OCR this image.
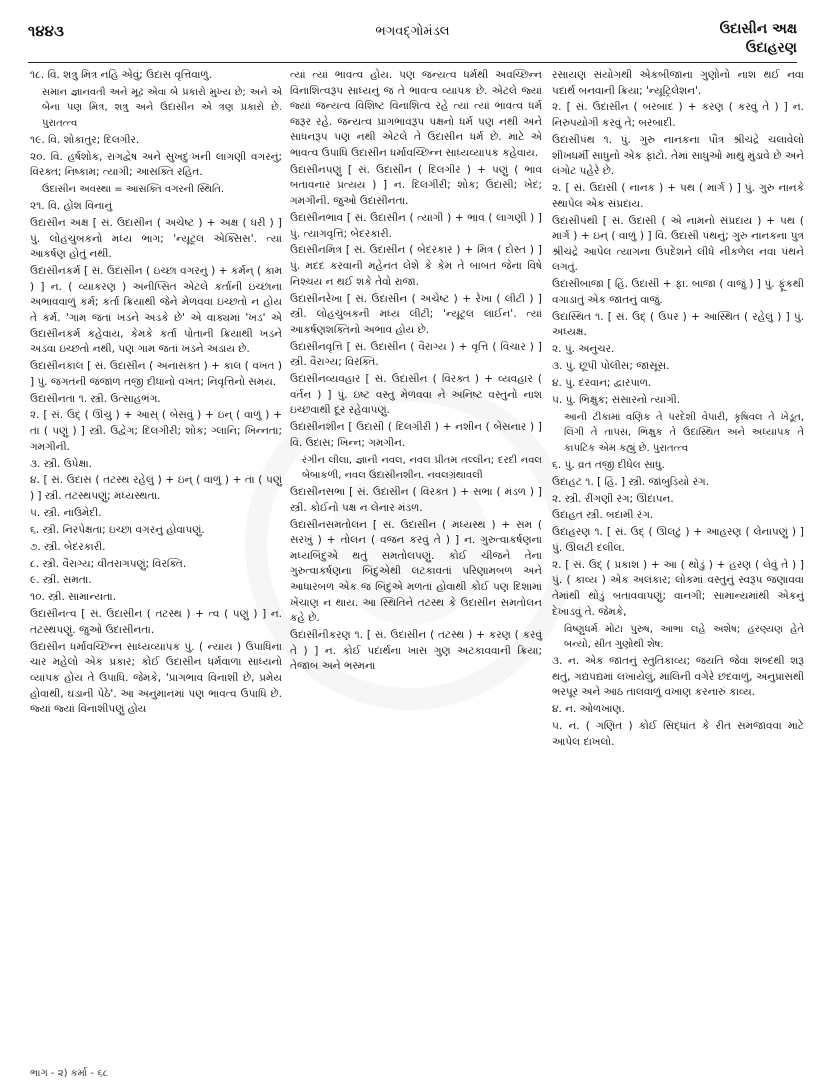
૧૪૪૩	ભગવદ્ગોમંડલ	ઉદાસીન અક્ષ
ઉદાહરણ

૧૮. વિ. શત્રુ મિત્ર નહિ એવું; ઉદાસ વૃત્તિવાળું.

સમાન જ્ઞાનવતી અને મૂઢ એવા બે પ્રકારો મુખ્ય છે; અને એ બેના પણ મિત્ર, શત્રુ અને ઉદાસીન એ ત્રણ પ્રકારો છે. પુરાતત્ત્વ

૧૯. વિ. શોકાતુર; દિલગીર.

૨૦. વિ. હર્ષશોક, રાગદ્વેષ અને સુખદુઃખની લાગણી વગરનું; વિરક્ત; નિષ્કામ; ત્યાગી; આસક્તિ રહિત.

ઉદાસીન અવસ્થા = આસક્તિ વગરની સ્થિતિ.

૨૧. વિ. હોંશ વિનાનું

ઉદાસીન અક્ષ [ સં. ઉદાસીન ( અચેષ્ટ ) + અક્ષ ( ધરી ) ] પું. લોહચુંબકનો મધ્ય ભાગ; 'ન્યૂટ્રલ એક્સિસ'. ત્યાં આકર્ષણ હોતું નથી.

ઉદાસીનકર્મ [ સં. ઉદાસીન ( ઇચ્છા વગરનું ) + કર્મન્ ( કામ ) ] ન. ( વ્યાકરણ ) અનીપ્સિત એટલે કર્તાની ઇચ્છાના અભાવવાળું કર્મ; કર્તા ક્રિયાથી જેને મેળવવા ઇચ્છતો ન હોય તે કર્મ. 'ગામ જતાં ખડને અડકે છે' એ વાક્યમાં 'ખડ' એ ઉદાસીનકર્મ કહેવાય, કેમકે કર્તા પોતાની ક્રિયાથી ખડને અડવા ઇચ્છતો નથી, પણ ગામ જતાં ખડને અડાય છે.

ઉદાસીનકાલ [ સં. ઉદાસીન ( અનાસક્ત ) + કાલ ( વખત ) ] પું. જગતની જંજાળ તજી દીધાનો વખત; નિવૃત્તિનો સમય.

ઉદાસીનતા ૧. સ્ત્રી. ઉત્સાહભંગ.

૨. [ સં. ઉદ્ ( ઊંચું ) + આસ્ ( બેસવું ) + ઇન્ ( વાળું ) + તા ( પણું ) ] સ્ત્રી. ઉદ્વેગ; દિલગીરી; શોક; ગ્લાનિ; ખિન્નતા; ગમગીની.

૩. સ્ત્રી. ઉપેક્ષા.

૪. [ સં. ઉદાસ ( તટસ્થ રહેલું ) + ઇન્ ( વાળું ) + તા ( પણું ) ] સ્ત્રી. તટસ્થપણું; મધ્યસ્થતા.

૫. સ્ત્રી. નાઉમેદી.

૬. સ્ત્રી. નિરપેક્ષતા; ઇચ્છા વગરનું હોવાપણું.

૭. સ્ત્રી. બેદરકારી.

૮. સ્ત્રી. વૈરાગ્ય; વીતરાગપણું; વિરક્તિ.

૯. સ્ત્રી. સમતા.

૧૦. સ્ત્રી. સામાન્યતા.

ઉદાસીનત્વ [ સં. ઉદાસીન ( તટસ્થ ) + ત્વ ( પણું ) ] ન. તટસ્થપણું. જુઓ ઉદાસીનતા.

ઉદાસીન ધર્માવચ્છિન્ન સાધ્યવ્યાપક પું. ( ન્યાય ) ઉપાધિના ચાર મહેલો એક પ્રકાર; કોઈ ઉદાસીન ધર્મવાળા સાધ્યનો વ્યાપક હોય તે ઉપાધિ. જેમકે, 'પ્રાગભાવ વિનાશી છે, પ્રમેય હોવાથી, ઘડાની પેઠે'. આ અનુમાનમાં પણ ભાવત્વ ઉપાધિ છે. જ્યાં જ્યાં વિનાશીપણું હોય

ત્યાં ત્યાં ભાવત્વ હોય. પણ જન્યત્વ ધર્મથી અવચ્છિન્ન વિનાશિત્વરૂપ સાધ્યનું જ તે ભાવત્વ વ્યાપક છે. એટલે જ્યાં જ્યાં જન્યત્વ વિશિષ્ટ વિનાશિત્વ રહે ત્યાં ત્યાં ભાવત્વ ધર્મ જરૂર રહે. જન્યત્વ પ્રાગભાવરૂપ પક્ષનો ધર્મ પણ નથી અને સાધનરૂપ પણ નથી એટલે તે ઉદાસીન ધર્મ છે. માટે એ ભાવત્વ ઉપાધિ ઉદાસીન ધર્માવચ્છિન્ન સાધ્યવ્યાપક કહેવાય.

ઉદાસીનપણું [ સં. ઉદાસીન ( દિલગીર ) + પણું ( ભાવ બતાવનાર પ્રત્યય ) ] ન. દિલગીરી; શોક; ઉદાસી; ખેદ; ગમગીની. જુઓ ઉદાસીનતા.

ઉદાસીનભાવ [ સં. ઉદાસીન ( ત્યાગી ) + ભાવ ( લાગણી ) ] પું. ત્યાગવૃત્તિ; બેદરકારી.

ઉદાસીનમિત્ર [ સં. ઉદાસીન ( બેદરકાર ) + મિત્ર ( દોસ્ત ) ] પું. મદદ કરવાની મહેનત લેશે કે કેમ તે બાબત જેના વિષે નિશ્ચય ન થઈ શકે તેવો રાજા.

ઉદાસીનરેખા [ સં. ઉદાસીન ( અચેષ્ટ ) + રેખા ( લીટી ) ] સ્ત્રી. લોહચુંબકની મધ્ય લીટી; 'ન્યૂટ્રલ લાઈન'. ત્યાં આકર્ષણશક્તિનો અભાવ હોય છે.

ઉદાસીનવૃત્તિ [ સં. ઉદાસીન ( વૈરાગ્ય ) + વૃત્તિ ( વિચાર ) ] સ્ત્રી. વૈરાગ્ય; વિરક્તિ.

ઉદાસીનવ્યવહાર [ સં. ઉદાસીન ( વિરક્ત ) + વ્યવહાર ( વર્તન ) ] પું. ઇષ્ટ વસ્તુ મેળવવા ને અનિષ્ટ વસ્તુનો નાશ ઇચ્છવાથી દૂર રહેવાપણું.

ઉદાસીનશીન [ ઉદાસી ( દિલગીરી ) + નશીન ( બેસનાર ) ] વિ. ઉદાસ; ખિન્ન; ગમગીન.

રંગીન લીલા, જ્ઞાની નવલ, નવલ પ્રીતમ તલ્લીન; દરદી નવલ બેબાકળી, નવલ ઉદાસીનશીન. નવલગ્રંથાવલી

ઉદાસીનસભા [ સં. ઉદાસીન ( વિરક્ત ) + સભા ( મંડળ ) ] સ્ત્રી. કોઈનો પક્ષ ન લેનાર મંડળ.

ઉદાસીનસમતોલન [ સં. ઉદાસીન ( મધ્યસ્થ ) + સમ ( સરખું ) + તોલન ( વજન કરવું તે ) ] ન. ગુરુત્વાકર્ષણના મધ્યબિંદુએ થતું સમતોલપણું. કોઈ ચીજને તેના ગુરુત્વાકર્ષણના બિંદુએથી લટકાવતાં પરિણામબળ અને આધારબળ એક જ બિંદુએ મળતાં હોવાથી કોઈ પણ દિશામાં ખેંચાણ ન થાય. આ સ્થિતિને તટસ્થ કે ઉદાસીન સમતોલન કહે છે.

ઉદાસીનીકરણ ૧. [ સં. ઉદાસીન ( તટસ્થ ) + કરણ ( કરવું તે ) ] ન. કોઈ પદાર્થના ખાસ ગુણ અટકાવવાની ક્રિયા; તેજાબ અને ભસ્મના

રસાયણ સંયોગથી એકબીજાના ગુણોનો નાશ થઈ નવા પદાર્થ બનવાની ક્રિયા; 'ન્યૂટ્રિલેશન'.

૨. [ સં. ઉદાસીન ( બરબાદ ) + કરણ ( કરવું તે ) ] ન. નિરુપયોગી કરવું તે; બરબાદી.

ઉદાસીપંથ ૧. પું. ગુરુ નાનકના પૌત્ર શ્રીચંદ્રે ચલાવેલો શીખધર્મી સાધુનો એક ફાંટો. તેમાં સાધુઓ માથું મુંડાવે છે અને લંગોટ પહેરે છે.

૨. [ સં. ઉદાસી ( નાનક ) + પથ ( માર્ગ ) ] પું. ગુરુ નાનકે સ્થાપેલ એક સંપ્રદાય.

ઉદાસીપંથી [ સં. ઉદાસી ( એ નામનો સંપ્રદાય ) + પથ ( માર્ગ ) + ઇન્ ( વાળું ) ] વિ. ઉદાસી પંથનું; ગુરુ નાનકના પુત્ર શ્રીચંદ્રે આપેલ ત્યાગના ઉપદેશને લીધે નીકળેલ નવા પંથને લગતું.

ઉદાસીબાજા [ હિં. ઉદાસી + ફા. બાજા ( વાજું ) ] પું. ફૂંકથી વગાડાતું એક જાતનું વાજું.

ઉદાસ્થિત ૧. [ સં. ઉદ્ ( ઉપર ) + આસ્થિત ( રહેલું ) ] પું. અધ્યક્ષ.

૨. પું. અનુચર.

૩. પું. છૂપી પોલીસ; જાસૂસ.

૪. પું. દરવાન; દ્વારપાળ.

૫. પું. ભિક્ષુક; સંસારનો ત્યાગી.

આની ટીકામાં વણિક તે પરદેશી વેપારી, કૃષિવલ તે ખેડૂત, લિંગી તે તાપસ, ભિક્ષુક તે ઉદાસ્થિત અને અધ્યાપક તે કાપટિક એમ કહ્યું છે. પુરાતત્ત્વ

૬. પું. વ્રત તજી દીધેલ સાધુ.

ઉદાહટ ૧. [ હિં. ] સ્ત્રી. જાંબુડિયો રંગ.

૨. સ્ત્રી. રીંગણી રંગ; ઊદાપન.

ઉદાહત સ્ત્રી. બદામી રંગ.

ઉદાહરણ ૧. [ સં. ઉદ્ ( ઊલટું ) + આહરણ ( લેનાપણું ) ] પું. ઊલટી દલીલ.

૨. [ સં. ઉદ્ ( પ્રકાશ ) + આ ( થોડું ) + હરણ ( લેવું તે ) ] પું. ( કાવ્ય ) એક અલંકાર; લોકમાં વસ્તુનું સ્વરૂપ જણાવવા તેમાંથી થોડું બતાવવાપણું; વાનગી; સામાન્યમાંથી એકનું દેખાડવું તે. જેમકે,

વિષ્ણુધર્મ મોટા પુરુષ, આભા લહે અશેષ; હરણ્યણ હેતે બન્યો, સીત ગુણોથી શેષ.

૩. ન. એક જાતનું સ્તુતિકાવ્ય; જયતિ જેવા શબ્દથી શરૂ થતું, ગદ્યપદ્યમાં લખાયેલું, માલિની વગેરે છંદવાળું, અનુપ્રાસથી ભરપૂર અને આઠ તાલવાળું વખાણ કરનારું કાવ્ય.

૪. ન. ઓળખાણ.

૫. ન. ( ગણિત ) કોઈ સિદ્ધાંત કે રીત સમજાવવા માટે આપેલ દાખલો.

ભાગ - ૨) કર્મા - ૬૮
